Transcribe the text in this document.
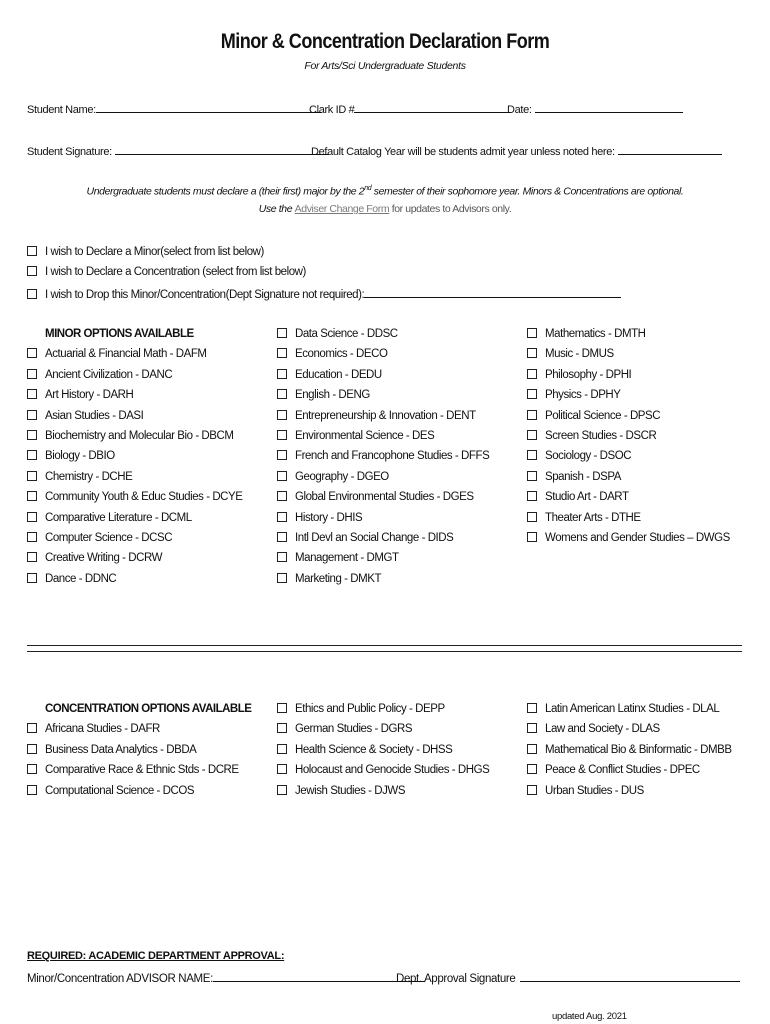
Minor & Concentration Declaration Form
For Arts/Sci Undergraduate Students
Student Name:	Clark ID #	Date:
Student Signature:	Default Catalog Year will be students admit year unless noted here:
Undergraduate students must declare a (their first) major by the 2nd semester of their sophomore year. Minors & Concentrations are optional.
Use the Adviser Change Form for updates to Advisors only.
I wish to Declare a Minor(select from list below)
I wish to Declare a Concentration (select from list below)
I wish to Drop this Minor/Concentration(Dept Signature not required):
MINOR OPTIONS AVAILABLE
Actuarial & Financial Math - DAFM
Ancient Civilization - DANC
Art History - DARH
Asian Studies - DASI
Biochemistry and Molecular Bio - DBCM
Biology - DBIO
Chemistry - DCHE
Community Youth & Educ Studies - DCYE
Comparative Literature - DCML
Computer Science - DCSC
Creative Writing - DCRW
Dance - DDNC
Data Science - DDSC
Economics - DECO
Education - DEDU
English - DENG
Entrepreneurship & Innovation - DENT
Environmental Science - DES
French and Francophone Studies - DFFS
Geography - DGEO
Global Environmental Studies - DGES
History - DHIS
Intl Devl an Social Change - DIDS
Management - DMGT
Marketing - DMKT
Mathematics - DMTH
Music - DMUS
Philosophy - DPHI
Physics - DPHY
Political Science - DPSC
Screen Studies - DSCR
Sociology - DSOC
Spanish - DSPA
Studio Art - DART
Theater Arts - DTHE
Womens and Gender Studies – DWGS
CONCENTRATION OPTIONS AVAILABLE
Africana Studies - DAFR
Business Data Analytics - DBDA
Comparative Race & Ethnic Stds - DCRE
Computational Science - DCOS
Ethics and Public Policy - DEPP
German Studies - DGRS
Health Science & Society - DHSS
Holocaust and Genocide Studies - DHGS
Jewish Studies - DJWS
Latin American Latinx Studies - DLAL
Law and Society - DLAS
Mathematical Bio & Binformatic - DMBB
Peace & Conflict Studies - DPEC
Urban Studies - DUS
REQUIRED: ACADEMIC DEPARTMENT APPROVAL:
Minor/Concentration ADVISOR NAME:	Dept. Approval Signature
updated Aug. 2021
